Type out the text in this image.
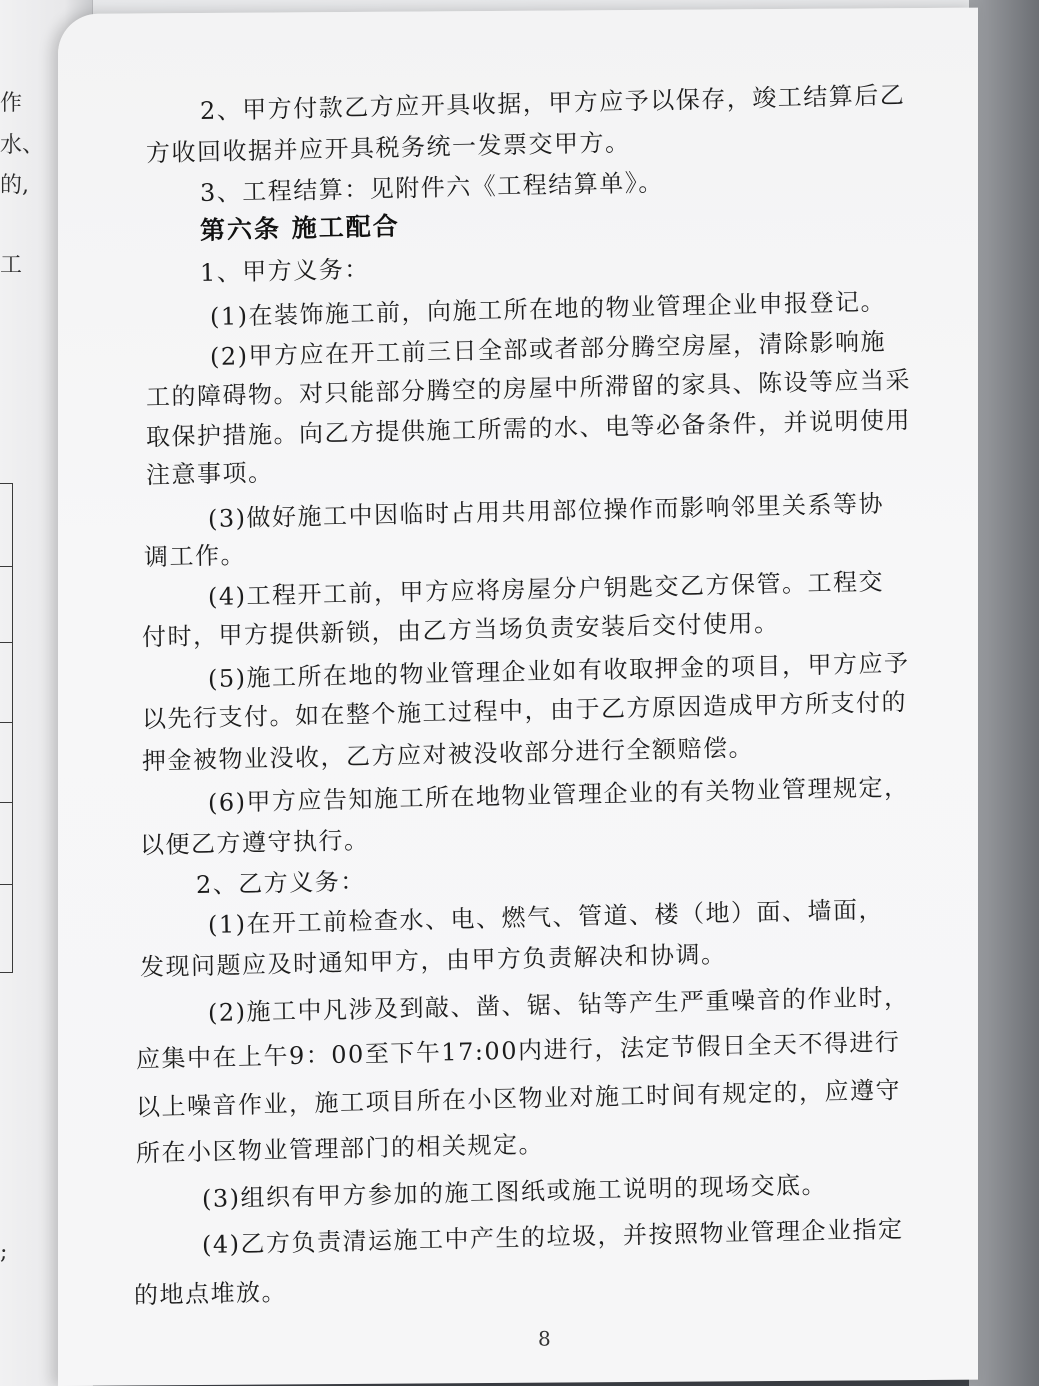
作
水、
的,
工
;
2、甲方付款乙方应开具收据，甲方应予以保存，竣工结算后乙
方收回收据并应开具税务统一发票交甲方。
3、工程结算：见附件六《工程结算单》。
第六条 施工配合
1、甲方义务：
(1)在装饰施工前，向施工所在地的物业管理企业申报登记。
(2)甲方应在开工前三日全部或者部分腾空房屋，清除影响施
工的障碍物。对只能部分腾空的房屋中所滞留的家具、陈设等应当采
取保护措施。向乙方提供施工所需的水、电等必备条件，并说明使用
注意事项。
(3)做好施工中因临时占用共用部位操作而影响邻里关系等协
调工作。
(4)工程开工前，甲方应将房屋分户钥匙交乙方保管。工程交
付时，甲方提供新锁，由乙方当场负责安装后交付使用。
(5)施工所在地的物业管理企业如有收取押金的项目，甲方应予
以先行支付。如在整个施工过程中，由于乙方原因造成甲方所支付的
押金被物业没收，乙方应对被没收部分进行全额赔偿。
(6)甲方应告知施工所在地物业管理企业的有关物业管理规定，
以便乙方遵守执行。
2、乙方义务：
(1)在开工前检查水、电、燃气、管道、楼（地）面、墙面，
发现问题应及时通知甲方，由甲方负责解决和协调。
(2)施工中凡涉及到敲、凿、锯、钻等产生严重噪音的作业时，
应集中在上午9：00至下午17:00内进行，法定节假日全天不得进行
以上噪音作业，施工项目所在小区物业对施工时间有规定的，应遵守
所在小区物业管理部门的相关规定。
(3)组织有甲方参加的施工图纸或施工说明的现场交底。
(4)乙方负责清运施工中产生的垃圾，并按照物业管理企业指定
的地点堆放。
8
